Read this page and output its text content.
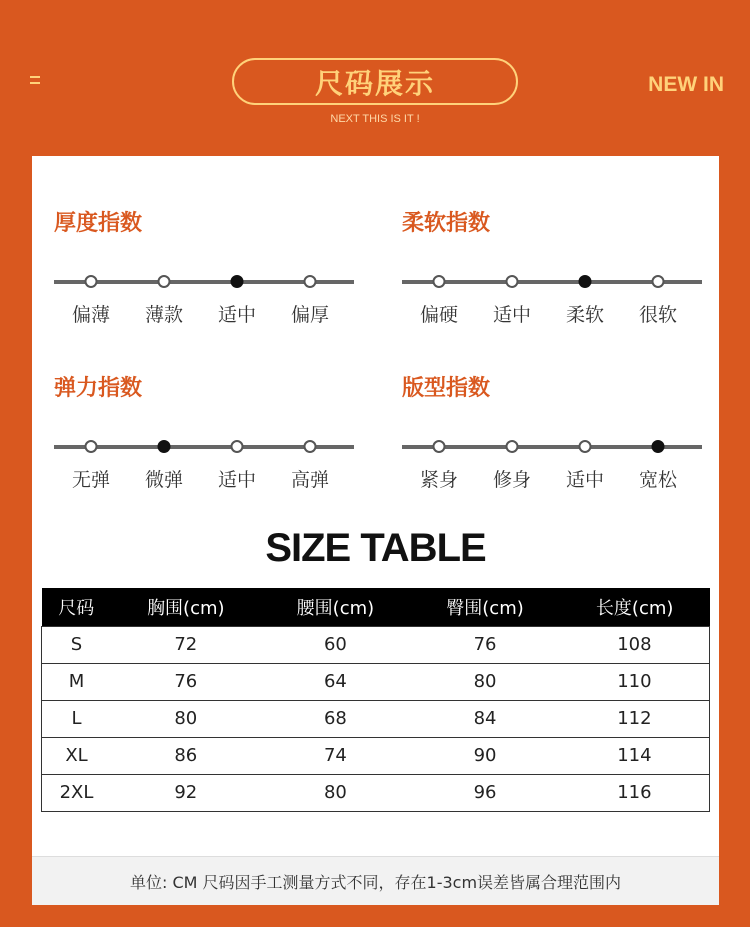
尺码展示
NEXT THIS IS IT !
NEW IN
厚度指数
偏薄 薄款 适中 偏厚
柔软指数
偏硬 适中 柔软 很软
弹力指数
无弹 微弹 适中 高弹
版型指数
紧身 修身 适中 宽松
SIZE TABLE
尺码	胸围(cm)	腰围(cm)	臀围(cm)	长度(cm)
S	72	60	76	108
M	76	64	80	110
L	80	68	84	112
XL	86	74	90	114
2XL	92	80	96	116
单位: CM 尺码因手工测量方式不同，存在1-3cm误差皆属合理范围内
